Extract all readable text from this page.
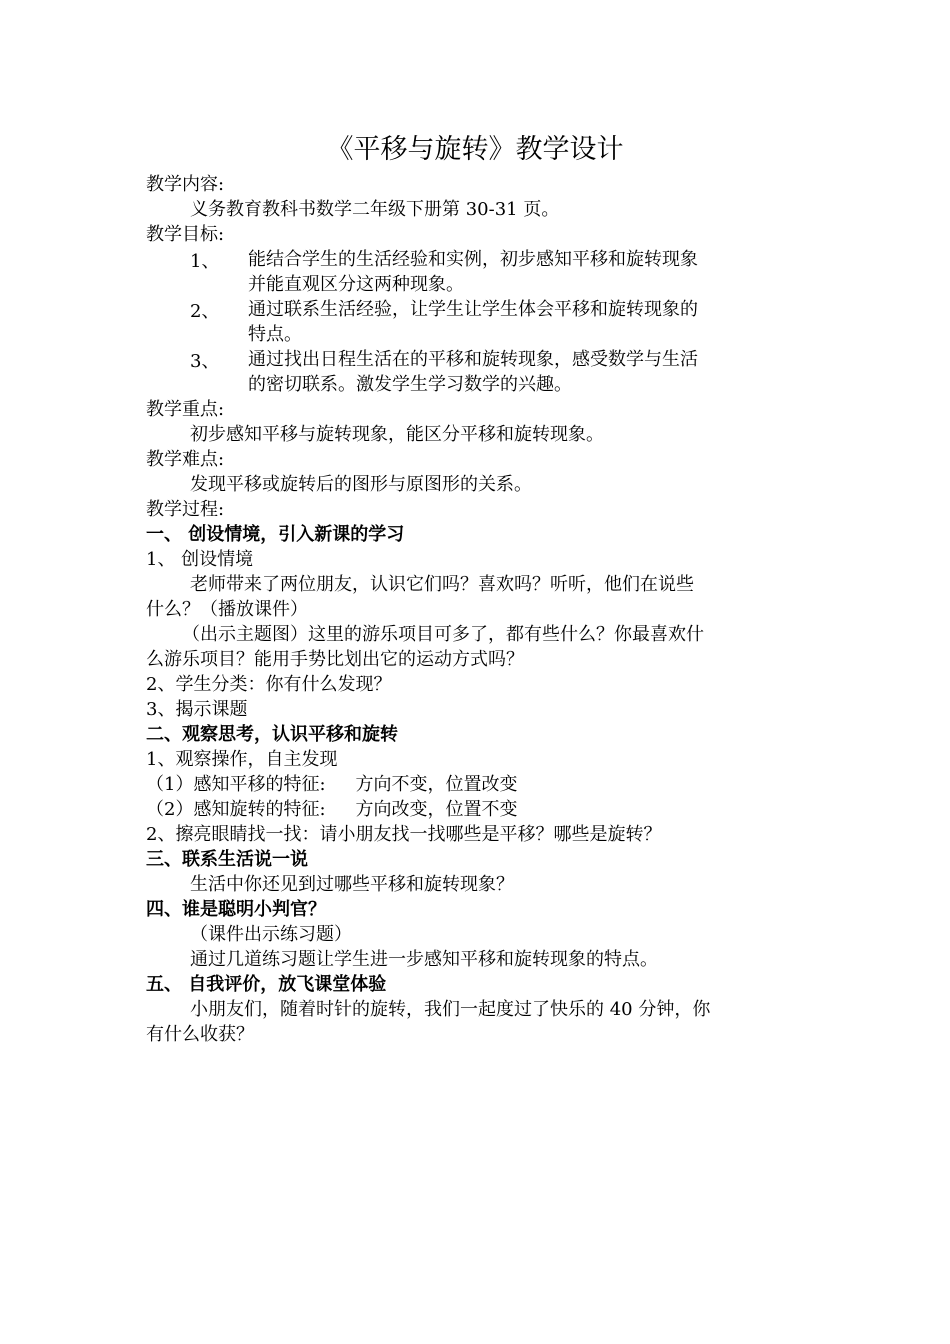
《平移与旋转》教学设计
教学内容:
义务教育教科书数学二年级下册第 30-31 页。
教学目标:
1、	能结合学生的生活经验和实例，初步感知平移和旋转现象
并能直观区分这两种现象。
2、	通过联系生活经验，让学生让学生体会平移和旋转现象的
特点。
3、	通过找出日程生活在的平移和旋转现象，感受数学与生活
的密切联系。激发学生学习数学的兴趣。
教学重点:
初步感知平移与旋转现象，能区分平移和旋转现象。
教学难点:
发现平移或旋转后的图形与原图形的关系。
教学过程:
一、 创设情境，引入新课的学习
1、 创设情境
老师带来了两位朋友，认识它们吗？喜欢吗？听听，他们在说些
什么？（播放课件）
（出示主题图）这里的游乐项目可多了，都有些什么？你最喜欢什
么游乐项目？能用手势比划出它的运动方式吗？
2、学生分类：你有什么发现？
3、揭示课题
二、观察思考，认识平移和旋转
1、观察操作，自主发现
（1）感知平移的特征: 方向不变，位置改变
（2）感知旋转的特征: 方向改变，位置不变
2、擦亮眼睛找一找：请小朋友找一找哪些是平移？哪些是旋转？
三、联系生活说一说
生活中你还见到过哪些平移和旋转现象？
四、谁是聪明小判官？
（课件出示练习题）
通过几道练习题让学生进一步感知平移和旋转现象的特点。
五、 自我评价，放飞课堂体验
小朋友们，随着时针的旋转，我们一起度过了快乐的 40 分钟，你
有什么收获？
